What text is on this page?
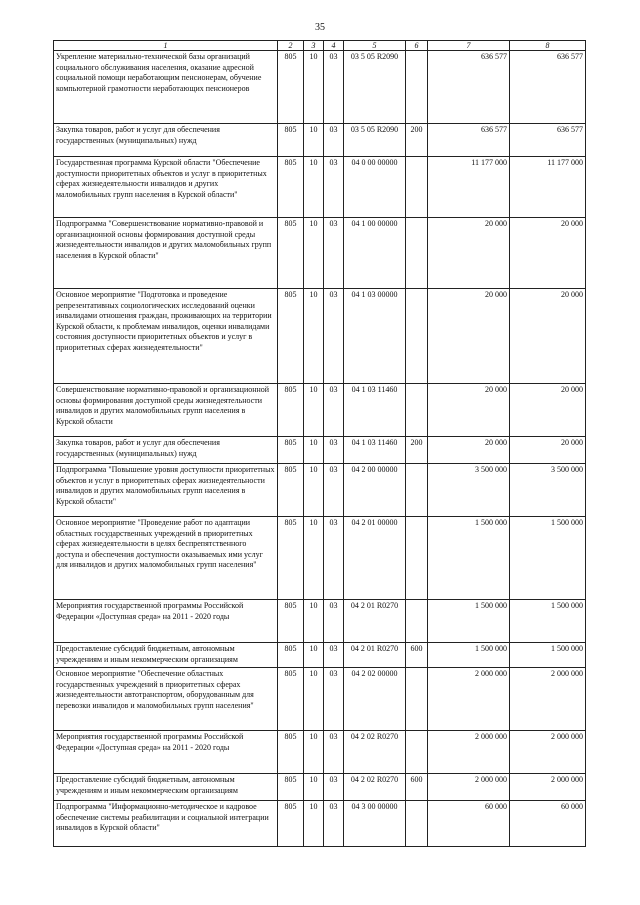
35
1	2	3	4	5	6	7	8
Укрепление материально-технической базы организаций социального обслуживания населения, оказание адресной социальной помощи неработающим пенсионерам, обучение компьютерной грамотности неработающих пенсионеров	805	10	03	03 5 05 R2090		636 577	636 577
Закупка товаров, работ и услуг для обеспечения государственных (муниципальных) нужд	805	10	03	03 5 05 R2090	200	636 577	636 577
Государственная программа Курской области "Обеспечение доступности приоритетных объектов и услуг в приоритетных сферах жизнедеятельности инвалидов и других маломобильных групп населения в Курской области"	805	10	03	04 0 00 00000		11 177 000	11 177 000
Подпрограмма "Совершенствование нормативно-правовой и организационной основы формирования доступной среды жизнедеятельности инвалидов и других маломобильных групп населения в Курской области"	805	10	03	04 1 00 00000		20 000	20 000
Основное мероприятие "Подготовка и проведение репрезентативных социологических исследований оценки инвалидами отношения граждан, проживающих на территории Курской области, к проблемам инвалидов, оценки инвалидами состояния доступности приоритетных объектов и услуг в приоритетных сферах жизнедеятельности"	805	10	03	04 1 03 00000		20 000	20 000
Совершенствование нормативно-правовой и организационной основы формирования доступной среды жизнедеятельности инвалидов и других маломобильных групп населения в Курской области	805	10	03	04 1 03 11460		20 000	20 000
Закупка товаров, работ и услуг для обеспечения государственных (муниципальных) нужд	805	10	03	04 1 03 11460	200	20 000	20 000
Подпрограмма "Повышение уровня доступности приоритетных объектов и услуг в приоритетных сферах жизнедеятельности инвалидов и других маломобильных групп населения в Курской области"	805	10	03	04 2 00 00000		3 500 000	3 500 000
Основное мероприятие "Проведение работ по адаптации областных государственных учреждений в приоритетных сферах жизнедеятельности в целях беспрепятственного доступа и обеспечения доступности оказываемых ими услуг для инвалидов и других маломобильных групп населения"	805	10	03	04 2 01 00000		1 500 000	1 500 000
Мероприятия государственной программы Российской Федерации «Доступная среда» на 2011 - 2020 годы	805	10	03	04 2 01 R0270		1 500 000	1 500 000
Предоставление субсидий бюджетным, автономным учреждениям и иным некоммерческим организациям	805	10	03	04 2 01 R0270	600	1 500 000	1 500 000
Основное мероприятие "Обеспечение областных государственных учреждений в приоритетных сферах жизнедеятельности автотранспортом, оборудованным для перевозки инвалидов и маломобильных групп населения"	805	10	03	04 2 02 00000		2 000 000	2 000 000
Мероприятия государственной программы Российской Федерации «Доступная среда» на 2011 - 2020 годы	805	10	03	04 2 02 R0270		2 000 000	2 000 000
Предоставление субсидий бюджетным, автономным учреждениям и иным некоммерческим организациям	805	10	03	04 2 02 R0270	600	2 000 000	2 000 000
Подпрограмма "Информационно-методическое и кадровое обеспечение системы реабилитации и социальной интеграции инвалидов в Курской области"	805	10	03	04 3 00 00000		60 000	60 000
